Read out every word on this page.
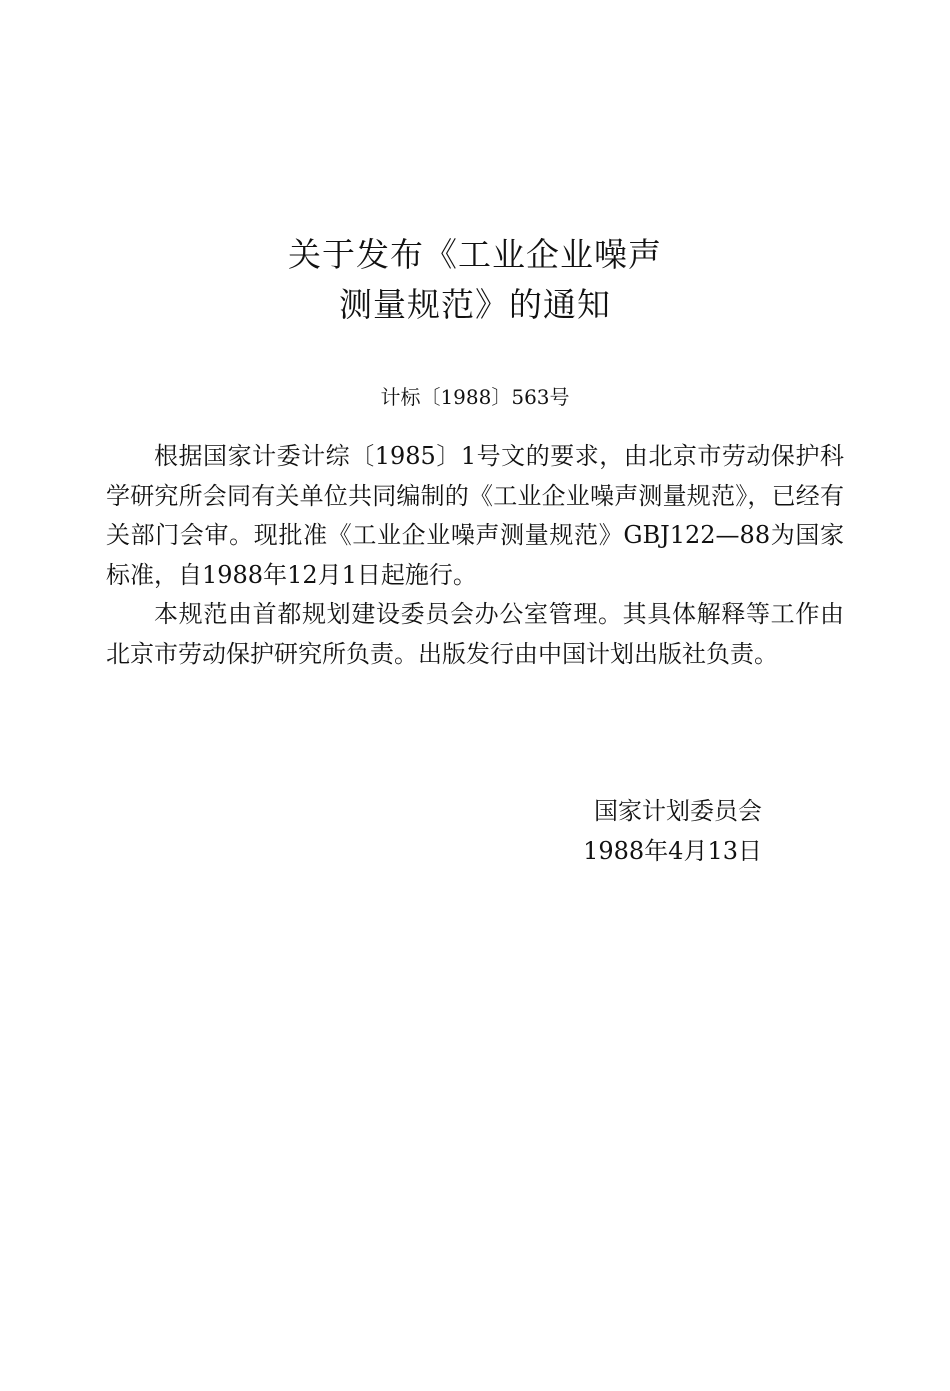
关于发布《工业企业噪声
测量规范》的通知
计标〔1988〕563号

根据国家计委计综〔1985〕1号文的要求，由北京市劳动保护科学研究所会同有关单位共同编制的《工业企业噪声测量规范》，已经有关部门会审。现批准《工业企业噪声测量规范》GBJ122—88为国家标准，自1988年12月1日起施行。

本规范由首都规划建设委员会办公室管理。其具体解释等工作由北京市劳动保护研究所负责。出版发行由中国计划出版社负责。

国家计划委员会
1988年4月13日
